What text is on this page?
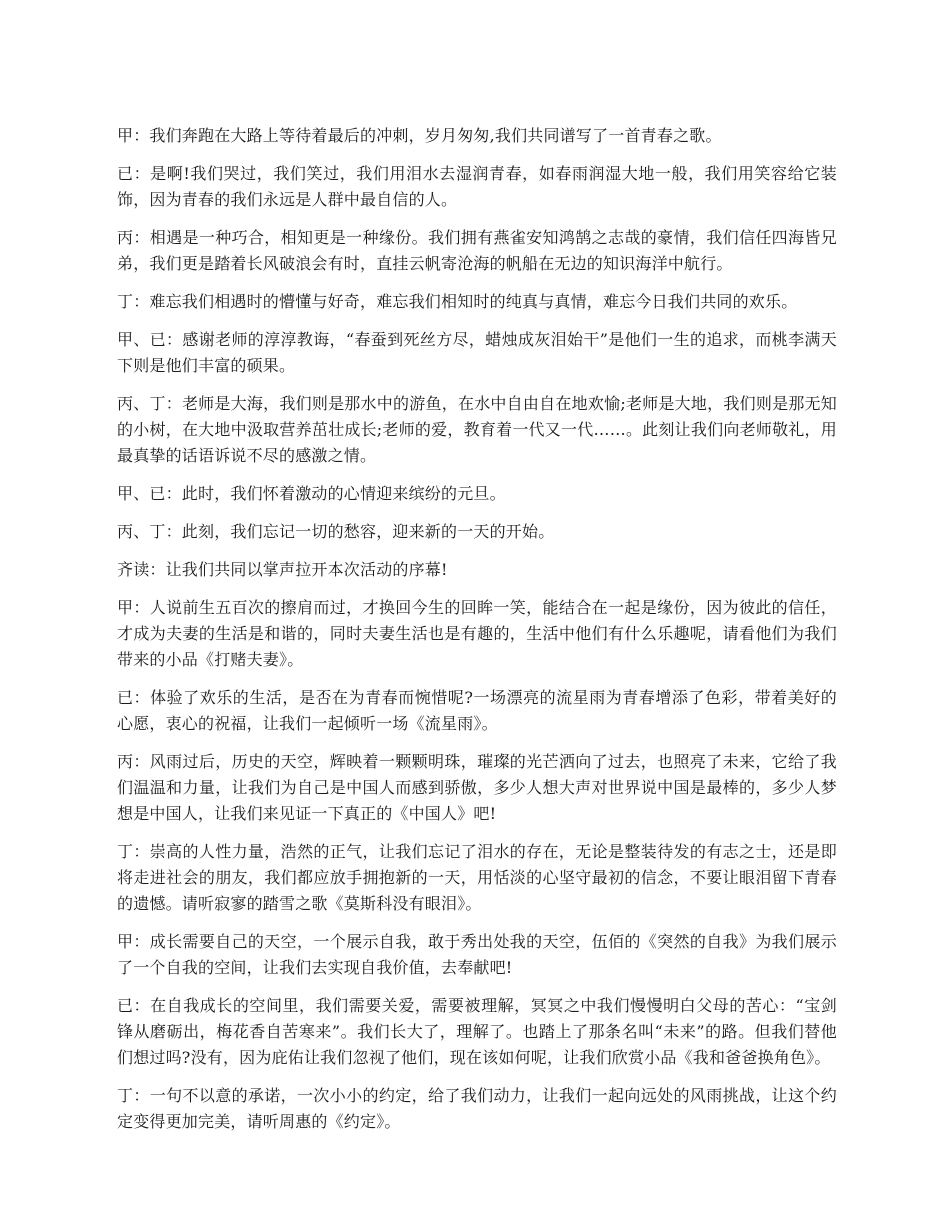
甲：我们奔跑在大路上等待着最后的冲刺，岁月匆匆,我们共同谱写了一首青春之歌。

已：是啊!我们哭过，我们笑过，我们用泪水去湿润青春，如春雨润湿大地一般，我们用笑容给它装饰，因为青春的我们永远是人群中最自信的人。

丙：相遇是一种巧合，相知更是一种缘份。我们拥有燕雀安知鸿鹄之志哉的豪情，我们信任四海皆兄弟，我们更是踏着长风破浪会有时，直挂云帆寄沧海的帆船在无边的知识海洋中航行。

丁：难忘我们相遇时的懵懂与好奇，难忘我们相知时的纯真与真情，难忘今日我们共同的欢乐。

甲、已：感谢老师的淳淳教诲，“春蚕到死丝方尽，蜡烛成灰泪始干”是他们一生的追求，而桃李满天下则是他们丰富的硕果。

丙、丁：老师是大海，我们则是那水中的游鱼，在水中自由自在地欢愉;老师是大地，我们则是那无知的小树，在大地中汲取营养茁壮成长;老师的爱，教育着一代又一代……。此刻让我们向老师敬礼，用最真挚的话语诉说不尽的感激之情。

甲、已：此时，我们怀着激动的心情迎来缤纷的元旦。

丙、丁：此刻，我们忘记一切的愁容，迎来新的一天的开始。

齐读：让我们共同以掌声拉开本次活动的序幕!

甲：人说前生五百次的擦肩而过，才换回今生的回眸一笑，能结合在一起是缘份，因为彼此的信任，才成为夫妻的生活是和谐的，同时夫妻生活也是有趣的，生活中他们有什么乐趣呢，请看他们为我们带来的小品《打赌夫妻》。

已：体验了欢乐的生活，是否在为青春而惋惜呢?一场漂亮的流星雨为青春增添了色彩，带着美好的心愿，衷心的祝福，让我们一起倾听一场《流星雨》。

丙：风雨过后，历史的天空，辉映着一颗颗明珠，璀璨的光芒洒向了过去，也照亮了未来，它给了我们温温和力量，让我们为自己是中国人而感到骄傲，多少人想大声对世界说中国是最棒的，多少人梦想是中国人，让我们来见证一下真正的《中国人》吧!

丁：崇高的人性力量，浩然的正气，让我们忘记了泪水的存在，无论是整装待发的有志之士，还是即将走进社会的朋友，我们都应放手拥抱新的一天，用恬淡的心坚守最初的信念，不要让眼泪留下青春的遗憾。请听寂寥的踏雪之歌《莫斯科没有眼泪》。

甲：成长需要自己的天空，一个展示自我，敢于秀出处我的天空，伍佰的《突然的自我》为我们展示了一个自我的空间，让我们去实现自我价值，去奉献吧!

已：在自我成长的空间里，我们需要关爱，需要被理解，冥冥之中我们慢慢明白父母的苦心：“宝剑锋从磨砺出，梅花香自苦寒来”。我们长大了，理解了。也踏上了那条名叫“未来”的路。但我们替他们想过吗?没有，因为庇佑让我们忽视了他们，现在该如何呢，让我们欣赏小品《我和爸爸换角色》。

丁：一句不以意的承诺，一次小小的约定，给了我们动力，让我们一起向远处的风雨挑战，让这个约定变得更加完美，请听周惠的《约定》。
